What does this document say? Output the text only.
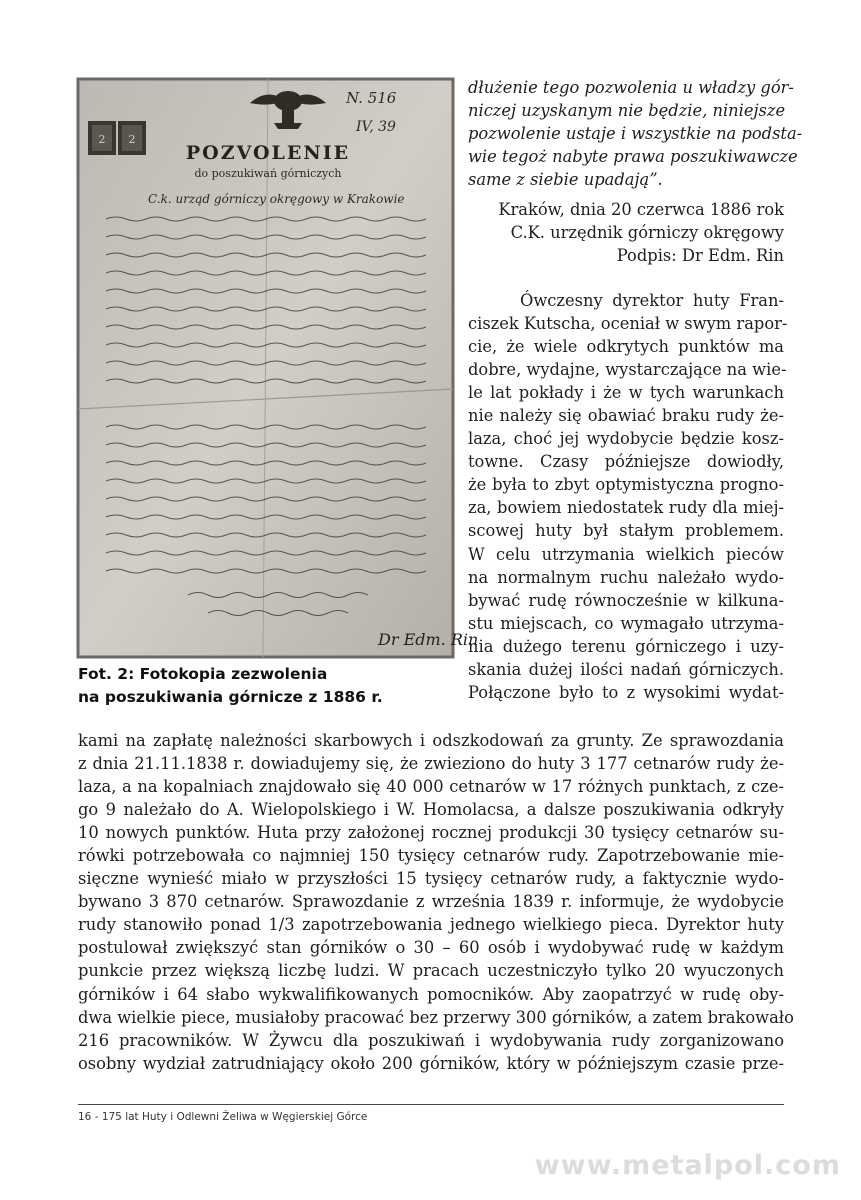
2 2
N. 516
IV, 39
POZVOLENIE
do poszukiwań górniczych
C.k. urząd górniczy okręgowy w Krakowie
Dr Edm. Rin
Fot. 2: Fotokopia zezwolenia
na poszukiwania górnicze z 1886 r.
dłużenie tego pozwolenia u władzy gór-
niczej uzyskanym nie będzie, niniejsze
pozwolenie ustaje i wszystkie na podsta-
wie tegoż nabyte prawa poszukiwawcze
same z siebie upadają”.
Kraków, dnia 20 czerwca 1886 rok
C.K. urzędnik górniczy okręgowy
Podpis: Dr Edm. Rin
Ówczesny dyrektor huty Fran-
ciszek Kutscha, oceniał w swym rapor-
cie, że wiele odkrytych punktów ma
dobre, wydajne, wystarczające na wie-
le lat pokłady i że w tych warunkach
nie należy się obawiać braku rudy że-
laza, choć jej wydobycie będzie kosz-
towne. Czasy późniejsze dowiodły,
że była to zbyt optymistyczna progno-
za, bowiem niedostatek rudy dla miej-
scowej huty był stałym problemem.
W celu utrzymania wielkich pieców
na normalnym ruchu należało wydo-
bywać rudę równocześnie w kilkuna-
stu miejscach, co wymagało utrzyma-
nia dużego terenu górniczego i uzy-
skania dużej ilości nadań górniczych.
Połączone było to z wysokimi wydat-
kami na zapłatę należności skarbowych i odszkodowań za grunty. Ze sprawozdania
z dnia 21.11.1838 r. dowiadujemy się, że zwieziono do huty 3 177 cetnarów rudy że-
laza, a na kopalniach znajdowało się 40 000 cetnarów w 17 różnych punktach, z cze-
go 9 należało do A. Wielopolskiego i W. Homolacsa, a dalsze poszukiwania odkryły
10 nowych punktów. Huta przy założonej rocznej produkcji 30 tysięcy cetnarów su-
rówki potrzebowała co najmniej 150 tysięcy cetnarów rudy. Zapotrzebowanie mie-
sięczne wynieść miało w przyszłości 15 tysięcy cetnarów rudy, a faktycznie wydo-
bywano 3 870 cetnarów. Sprawozdanie z września 1839 r. informuje, że wydobycie
rudy stanowiło ponad 1/3 zapotrzebowania jednego wielkiego pieca. Dyrektor huty
postulował zwiększyć stan górników o 30 – 60 osób i wydobywać rudę w każdym
punkcie przez większą liczbę ludzi. W pracach uczestniczyło tylko 20 wyuczonych
górników i 64 słabo wykwalifikowanych pomocników. Aby zaopatrzyć w rudę oby-
dwa wielkie piece, musiałoby pracować bez przerwy 300 górników, a zatem brakowało
216 pracowników. W Żywcu dla poszukiwań i wydobywania rudy zorganizowano
osobny wydział zatrudniający około 200 górników, który w późniejszym czasie prze-
16 - 175 lat Huty i Odlewni Żeliwa w Węgierskiej Górce
www.metalpol.com
